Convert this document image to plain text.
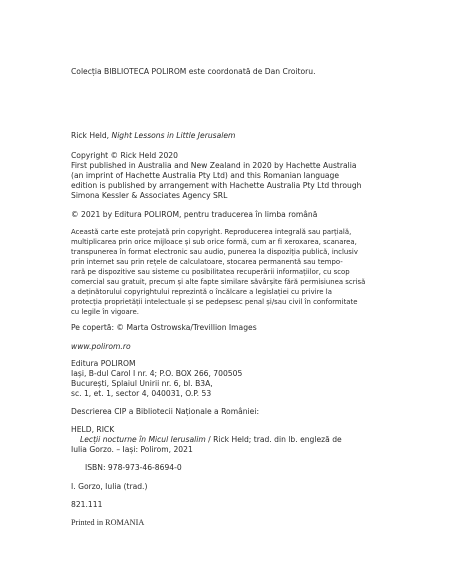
Colecția BIBLIOTECA POLIROM este coordonată de Dan Croitoru.
Rick Held, Night Lessons in Little Jerusalem
Copyright © Rick Held 2020
First published in Australia and New Zealand in 2020 by Hachette Australia
(an imprint of Hachette Australia Pty Ltd) and this Romanian language
edition is published by arrangement with Hachette Australia Pty Ltd through
Simona Kessler & Associates Agency SRL
© 2021 by Editura POLIROM, pentru traducerea în limba română
Această carte este protejată prin copyright. Reproducerea integrală sau parțială,
multiplicarea prin orice mijloace și sub orice formă, cum ar fi xeroxarea, scanarea,
transpunerea în format electronic sau audio, punerea la dispoziția publică, inclusiv
prin internet sau prin rețele de calculatoare, stocarea permanentă sau tempo-
rară pe dispozitive sau sisteme cu posibilitatea recuperării informațiilor, cu scop
comercial sau gratuit, precum și alte fapte similare săvârșite fără permisiunea scrisă
a deținătorului copyrightului reprezintă o încălcare a legislației cu privire la
protecția proprietății intelectuale și se pedepsesc penal și/sau civil în conformitate
cu legile în vigoare.
Pe copertă: © Marta Ostrowska/Trevillion Images
www.polirom.ro
Editura POLIROM
Iași, B-dul Carol I nr. 4; P.O. BOX 266, 700505
București, Splaiul Unirii nr. 6, bl. B3A,
sc. 1, et. 1, sector 4, 040031, O.P. 53
Descrierea CIP a Bibliotecii Naționale a României:
HELD, RICK
Lecții nocturne în Micul Ierusalim / Rick Held; trad. din lb. engleză de
Iulia Gorzo. – Iași: Polirom, 2021
ISBN: 978-973-46-8694-0
I. Gorzo, Iulia (trad.)
821.111
Printed in ROMANIA
